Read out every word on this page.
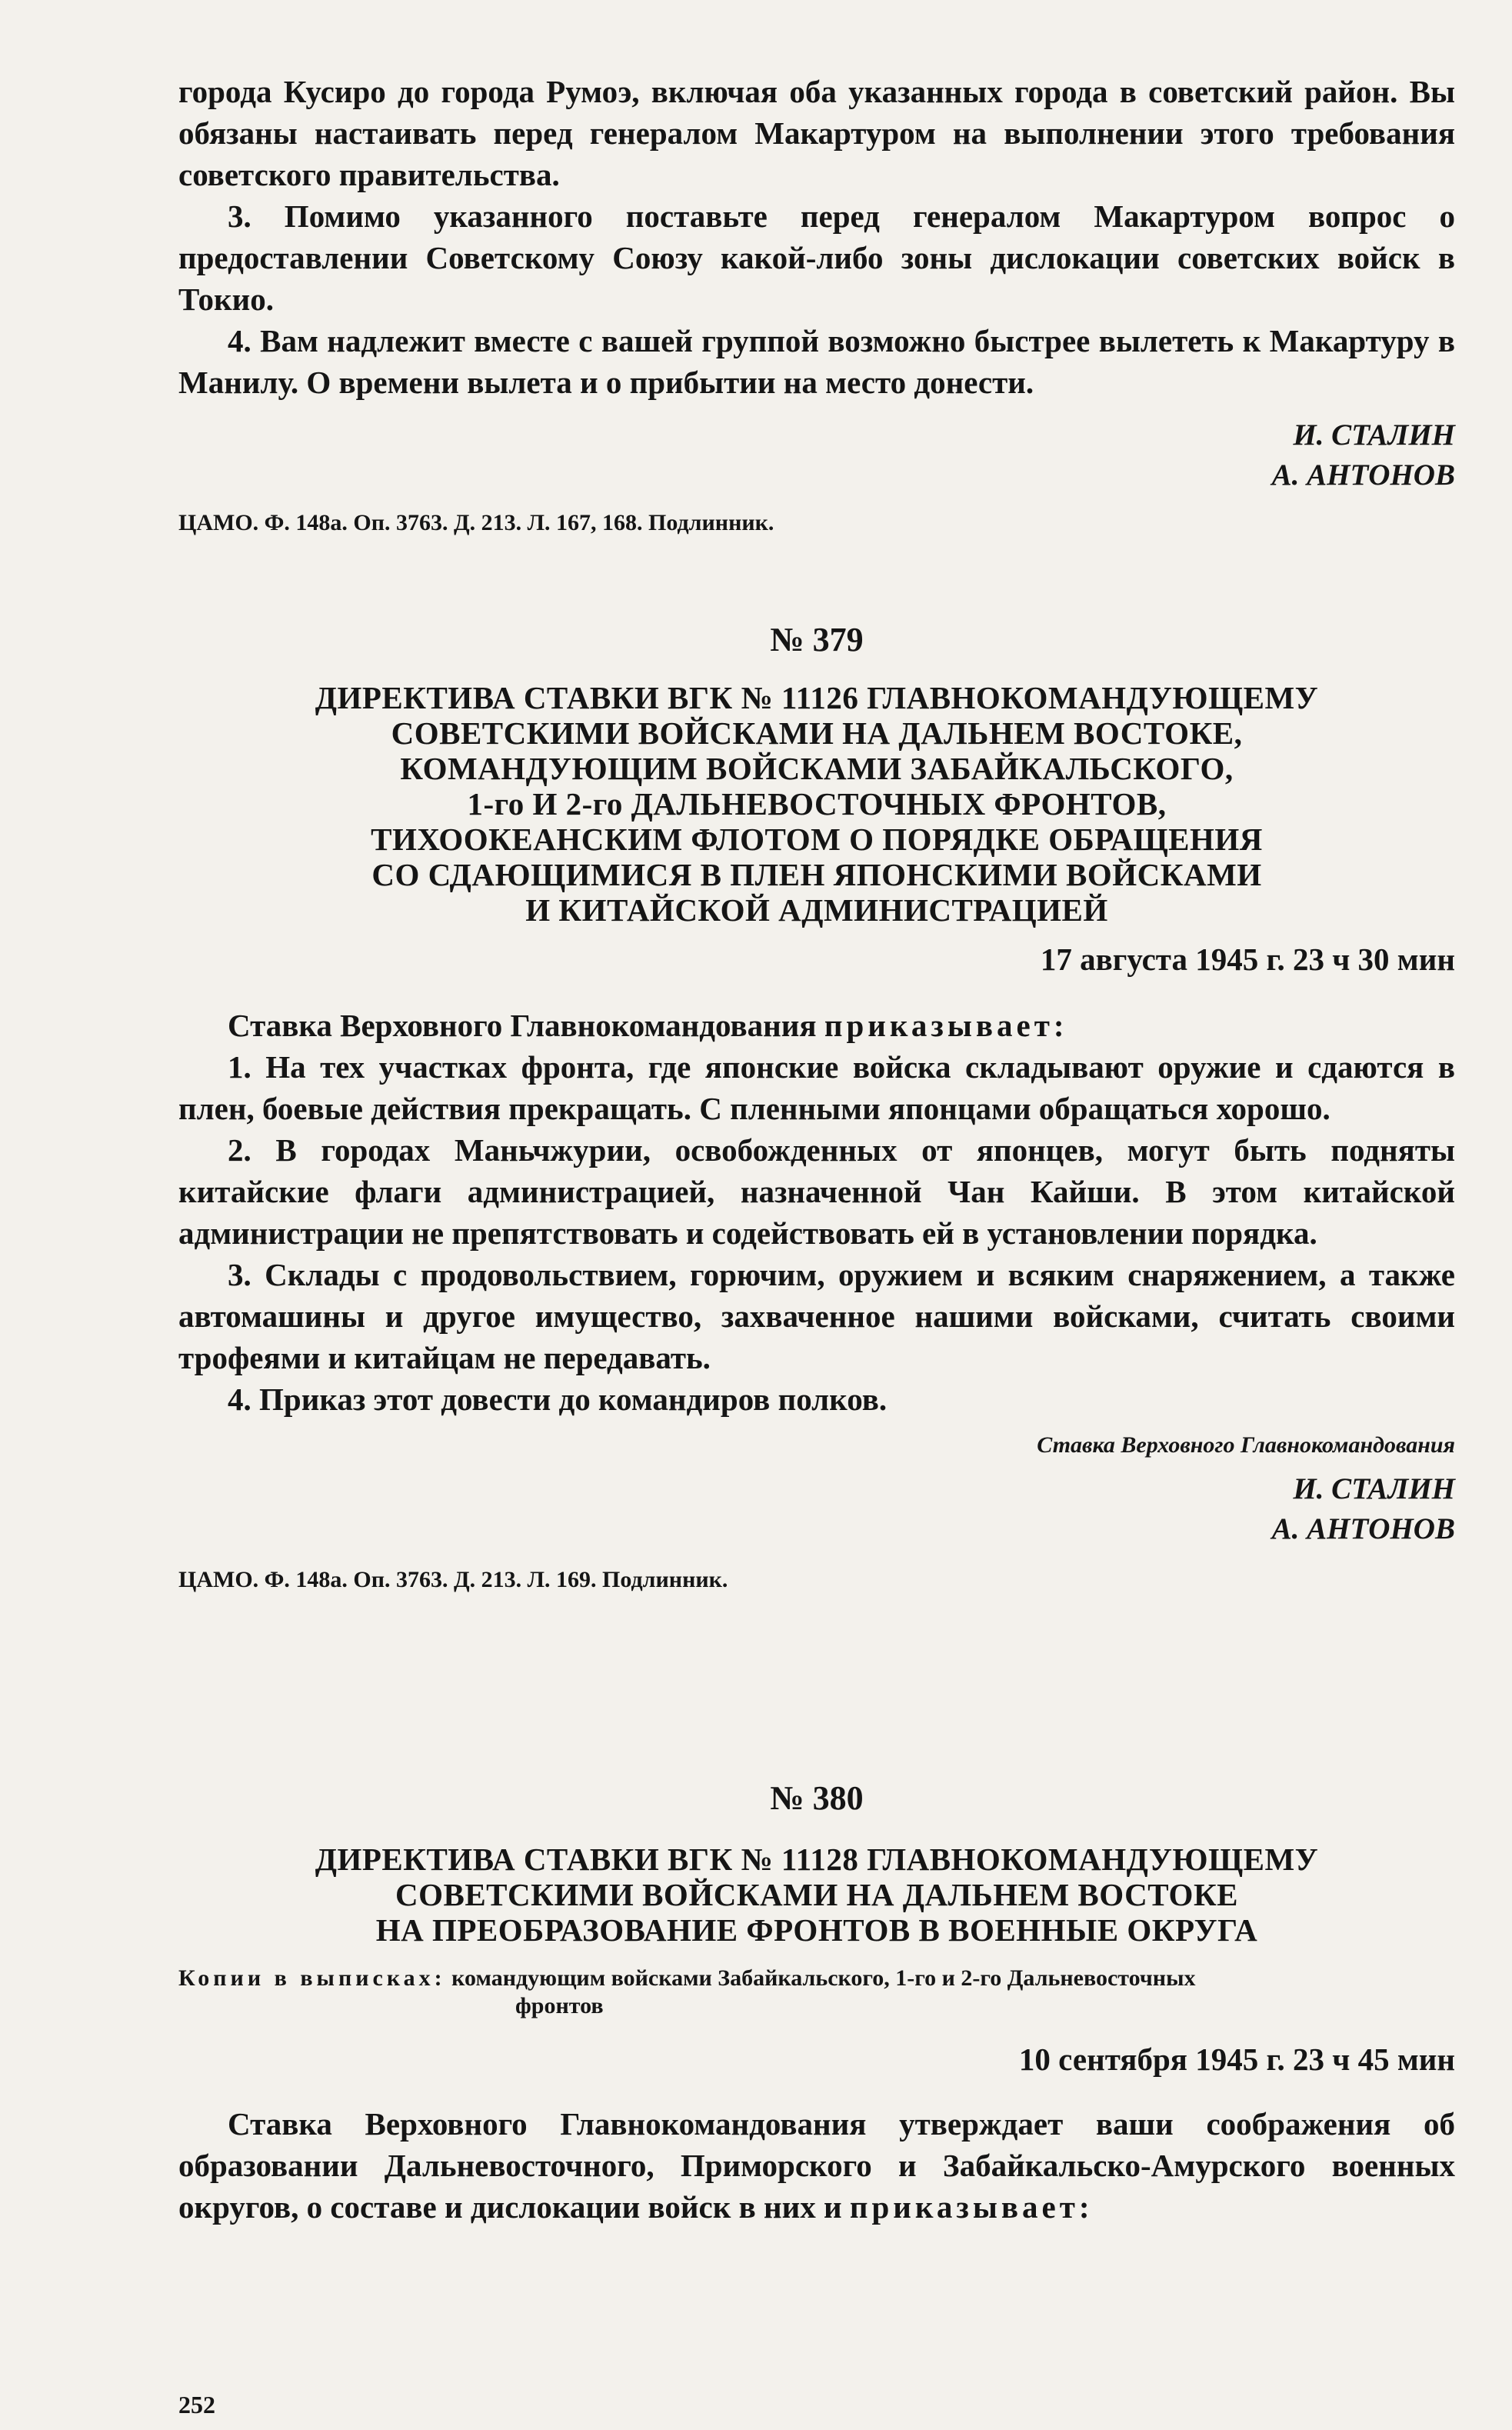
города Кусиро до города Румоэ, включая оба указанных города в советский район. Вы обязаны настаивать перед генералом Макартуром на выполнении этого требования советского правительства.

3. Помимо указанного поставьте перед генералом Макартуром вопрос о предоставлении Советскому Союзу какой-либо зоны дислокации советских войск в Токио.

4. Вам надлежит вместе с вашей группой возможно быстрее вылететь к Макартуру в Манилу. О времени вылета и о прибытии на место донести.

И. СТАЛИН

А. АНТОНОВ

ЦАМО. Ф. 148а. Оп. 3763. Д. 213. Л. 167, 168. Подлинник.

№ 379

ДИРЕКТИВА СТАВКИ ВГК № 11126 ГЛАВНОКОМАНДУЮЩЕМУ

СОВЕТСКИМИ ВОЙСКАМИ НА ДАЛЬНЕМ ВОСТОКЕ,

КОМАНДУЮЩИМ ВОЙСКАМИ ЗАБАЙКАЛЬСКОГО,

1-го И 2-го ДАЛЬНЕВОСТОЧНЫХ ФРОНТОВ,

ТИХООКЕАНСКИМ ФЛОТОМ О ПОРЯДКЕ ОБРАЩЕНИЯ

СО СДАЮЩИМИСЯ В ПЛЕН ЯПОНСКИМИ ВОЙСКАМИ

И КИТАЙСКОЙ АДМИНИСТРАЦИЕЙ

17 августа 1945 г. 23 ч 30 мин

Ставка Верховного Главнокомандования приказывает:

1. На тех участках фронта, где японские войска складывают оружие и сдаются в плен, боевые действия прекращать. С пленными японцами обращаться хорошо.

2. В городах Маньчжурии, освобожденных от японцев, могут быть подняты китайские флаги администрацией, назначенной Чан Кайши. В этом китайской администрации не препятствовать и содействовать ей в установлении порядка.

3. Склады с продовольствием, горючим, оружием и всяким снаряжением, а также автомашины и другое имущество, захваченное нашими войсками, считать своими трофеями и китайцам не передавать.

4. Приказ этот довести до командиров полков.

Ставка Верховного Главнокомандования

И. СТАЛИН

А. АНТОНОВ

ЦАМО. Ф. 148а. Оп. 3763. Д. 213. Л. 169. Подлинник.

№ 380

ДИРЕКТИВА СТАВКИ ВГК № 11128 ГЛАВНОКОМАНДУЮЩЕМУ

СОВЕТСКИМИ ВОЙСКАМИ НА ДАЛЬНЕМ ВОСТОКЕ

НА ПРЕОБРАЗОВАНИЕ ФРОНТОВ В ВОЕННЫЕ ОКРУГА

Копии в выписках: командующим войсками Забайкальского, 1-го и 2-го Дальневосточных

фронтов

10 сентября 1945 г. 23 ч 45 мин

Ставка Верховного Главнокомандования утверждает ваши соображения об образовании Дальневосточного, Приморского и Забайкальско-Амурского военных округов, о составе и дислокации войск в них и приказывает:

252
